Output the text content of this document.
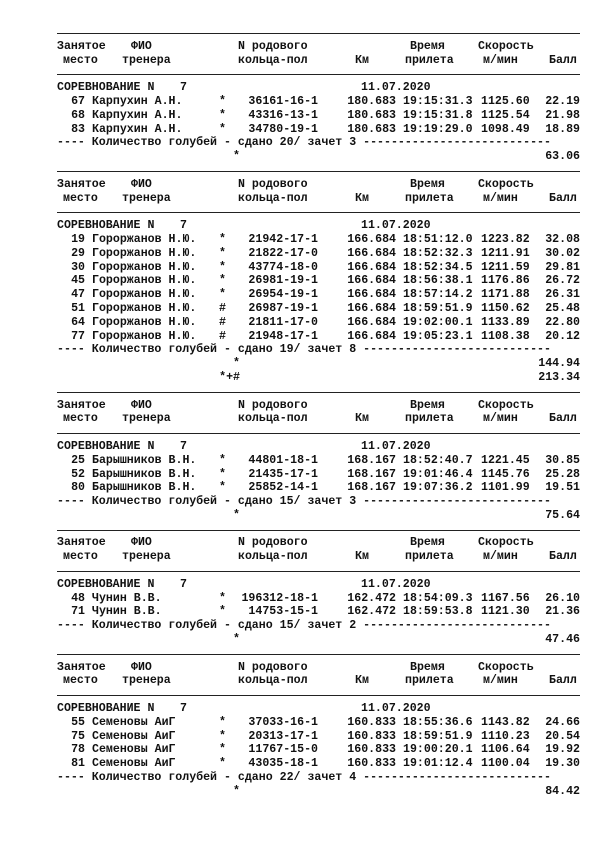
Занятое ФИО	N родового	Время	Скорость
место тренера	кольца-пол	Км	прилета	м/мин	Балл
СОРЕВНОВАНИЕ N 7	11.07.2020
67 Карпухин А.Н.	*	36161-16-1	180.683 19:15:31.3 1125.60	22.19
68 Карпухин А.Н.	*	43316-13-1	180.683 19:15:31.8 1125.54	21.98
83 Карпухин А.Н.	*	34780-19-1	180.683 19:19:29.0 1098.49	18.89
---- Количество голубей - сдано 20/ зачет 3 ---------------------------
*	63.06
Занятое ФИО	N родового	Время	Скорость
место тренера	кольца-пол	Км	прилета	м/мин	Балл
СОРЕВНОВАНИЕ N 7	11.07.2020
19 Гороржанов Н.Ю.	*	21942-17-1	166.684 18:51:12.0 1223.82	32.08
29 Гороржанов Н.Ю.	*	21822-17-0	166.684 18:52:32.3 1211.91	30.02
30 Гороржанов Н.Ю.	*	43774-18-0	166.684 18:52:34.5 1211.59	29.81
45 Гороржанов Н.Ю.	*	26981-19-1	166.684 18:56:38.1 1176.86	26.72
47 Гороржанов Н.Ю.	*	26954-19-1	166.684 18:57:14.2 1171.88	26.31
51 Гороржанов Н.Ю.	#	26987-19-1	166.684 18:59:51.9 1150.62	25.48
64 Гороржанов Н.Ю.	#	21811-17-0	166.684 19:02:00.1 1133.89	22.80
77 Гороржанов Н.Ю.	#	21948-17-1	166.684 19:05:23.1 1108.38	20.12
---- Количество голубей - сдано 19/ зачет 8 ---------------------------
*	144.94
*+#	213.34
Занятое ФИО	N родового	Время	Скорость
место тренера	кольца-пол	Км	прилета	м/мин	Балл
СОРЕВНОВАНИЕ N 7	11.07.2020
25 Барышников В.Н.	*	44801-18-1	168.167 18:52:40.7 1221.45	30.85
52 Барышников В.Н.	*	21435-17-1	168.167 19:01:46.4 1145.76	25.28
80 Барышников В.Н.	*	25852-14-1	168.167 19:07:36.2 1101.99	19.51
---- Количество голубей - сдано 15/ зачет 3 ---------------------------
*	75.64
Занятое ФИО	N родового	Время	Скорость
место тренера	кольца-пол	Км	прилета	м/мин	Балл
СОРЕВНОВАНИЕ N 7	11.07.2020
48 Чунин В.В.	*	196312-18-1	162.472 18:54:09.3 1167.56	26.10
71 Чунин В.В.	*	14753-15-1	162.472 18:59:53.8 1121.30	21.36
---- Количество голубей - сдано 15/ зачет 2 ---------------------------
*	47.46
Занятое ФИО	N родового	Время	Скорость
место тренера	кольца-пол	Км	прилета	м/мин	Балл
СОРЕВНОВАНИЕ N 7	11.07.2020
55 Семеновы АиГ	*	37033-16-1	160.833 18:55:36.6 1143.82	24.66
75 Семеновы АиГ	*	20313-17-1	160.833 18:59:51.9 1110.23	20.54
78 Семеновы АиГ	*	11767-15-0	160.833 19:00:20.1 1106.64	19.92
81 Семеновы АиГ	*	43035-18-1	160.833 19:01:12.4 1100.04	19.30
---- Количество голубей - сдано 22/ зачет 4 ---------------------------
*	84.42
